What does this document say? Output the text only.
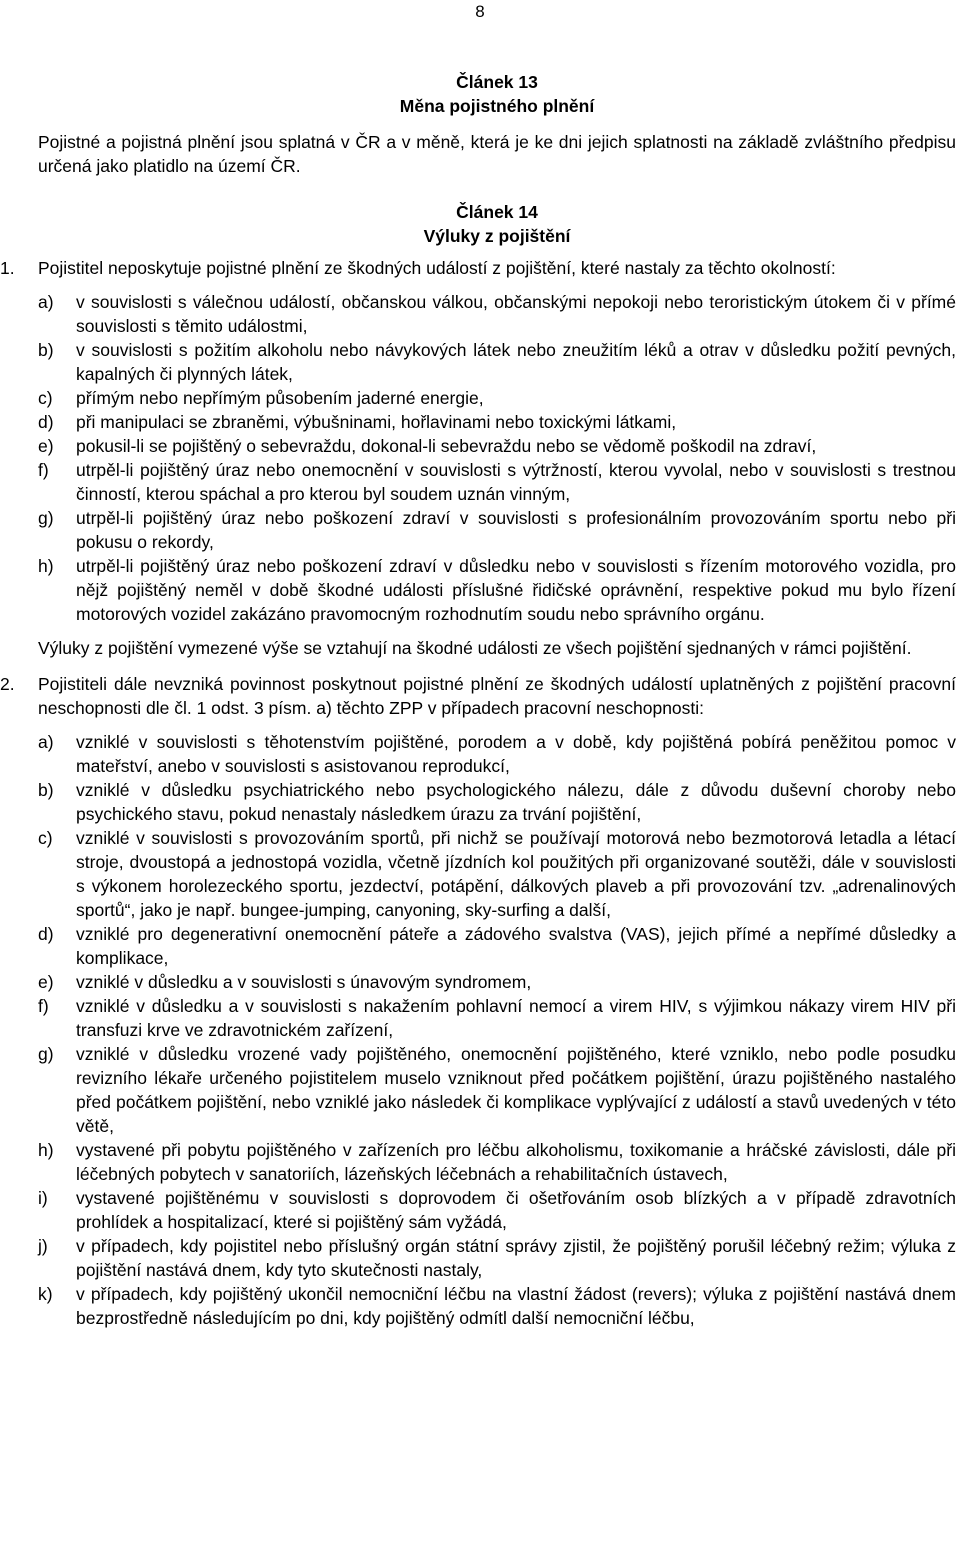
8

Článek 13

Měna pojistného plnění

Pojistné a pojistná plnění jsou splatná v ČR a v měně, která je ke dni jejich splatnosti na základě zvláštního předpisu určená jako platidlo na území ČR.

Článek 14

Výluky z pojištění

1.	Pojistitel neposkytuje pojistné plnění ze škodných událostí z pojištění, které nastaly za těchto okolností:
a)	v souvislosti s válečnou událostí, občanskou válkou, občanskými nepokoji nebo teroristickým útokem či v přímé souvislosti s těmito událostmi,
b)	v souvislosti s požitím alkoholu nebo návykových látek nebo zneužitím léků a otrav v důsledku požití pevných, kapalných či plynných látek,
c)	přímým nebo nepřímým působením jaderné energie,
d)	při manipulaci se zbraněmi, výbušninami, hořlavinami nebo toxickými látkami,
e)	pokusil-li se pojištěný o sebevraždu, dokonal-li sebevraždu nebo se vědomě poškodil na zdraví,
f)	utrpěl-li pojištěný úraz nebo onemocnění v souvislosti s výtržností, kterou vyvolal, nebo v souvislosti s trestnou činností, kterou spáchal a pro kterou byl soudem uznán vinným,
g)	utrpěl-li pojištěný úraz nebo poškození zdraví v souvislosti s profesionálním provozováním sportu nebo při pokusu o rekordy,
h)	utrpěl-li pojištěný úraz nebo poškození zdraví v důsledku nebo v souvislosti s řízením motorového vozidla, pro nějž pojištěný neměl v době škodné události příslušné řidičské oprávnění, respektive pokud mu bylo řízení motorových vozidel zakázáno pravomocným rozhodnutím soudu nebo správního orgánu.

Výluky z pojištění vymezené výše se vztahují na škodné události ze všech pojištění sjednaných v rámci pojištění.

2.	Pojistiteli dále nevzniká povinnost poskytnout pojistné plnění ze škodných událostí uplatněných z pojištění pracovní neschopnosti dle čl. 1 odst. 3 písm. a) těchto ZPP v případech pracovní neschopnosti:
a)	vzniklé v souvislosti s těhotenstvím pojištěné, porodem a v době, kdy pojištěná pobírá peněžitou pomoc v mateřství, anebo v souvislosti s asistovanou reprodukcí,
b)	vzniklé v důsledku psychiatrického nebo psychologického nálezu, dále z důvodu duševní choroby nebo psychického stavu, pokud nenastaly následkem úrazu za trvání pojištění,
c)	vzniklé v souvislosti s provozováním sportů, při nichž se používají motorová nebo bezmotorová letadla a létací stroje, dvoustopá a jednostopá vozidla, včetně jízdních kol použitých při organizované soutěži, dále v souvislosti s výkonem horolezeckého sportu, jezdectví, potápění, dálkových plaveb a při provozování tzv. „adrenalinových sportů“, jako je např. bungee-jumping, canyoning, sky-surfing a další,
d)	vzniklé pro degenerativní onemocnění páteře a zádového svalstva (VAS), jejich přímé a nepřímé důsledky a komplikace,
e)	vzniklé v důsledku a v souvislosti s únavovým syndromem,
f)	vzniklé v důsledku a v souvislosti s nakažením pohlavní nemocí a virem HIV, s výjimkou nákazy virem HIV při transfuzi krve ve zdravotnickém zařízení,
g)	vzniklé v důsledku vrozené vady pojištěného, onemocnění pojištěného, které vzniklo, nebo podle posudku revizního lékaře určeného pojistitelem muselo vzniknout před počátkem pojištění, úrazu pojištěného nastalého před počátkem pojištění, nebo vzniklé jako následek či komplikace vyplývající z událostí a stavů uvedených v této větě,
h)	vystavené při pobytu pojištěného v zařízeních pro léčbu alkoholismu, toxikomanie a hráčské závislosti, dále při léčebných pobytech v sanatoriích, lázeňských léčebnách a rehabilitačních ústavech,
i)	vystavené pojištěnému v souvislosti s doprovodem či ošetřováním osob blízkých a v případě zdravotních prohlídek a hospitalizací, které si pojištěný sám vyžádá,
j)	v případech, kdy pojistitel nebo příslušný orgán státní správy zjistil, že pojištěný porušil léčebný režim; výluka z pojištění nastává dnem, kdy tyto skutečnosti nastaly,
k)	v případech, kdy pojištěný ukončil nemocniční léčbu na vlastní žádost (revers); výluka z pojištění nastává dnem bezprostředně následujícím po dni, kdy pojištěný odmítl další nemocniční léčbu,
